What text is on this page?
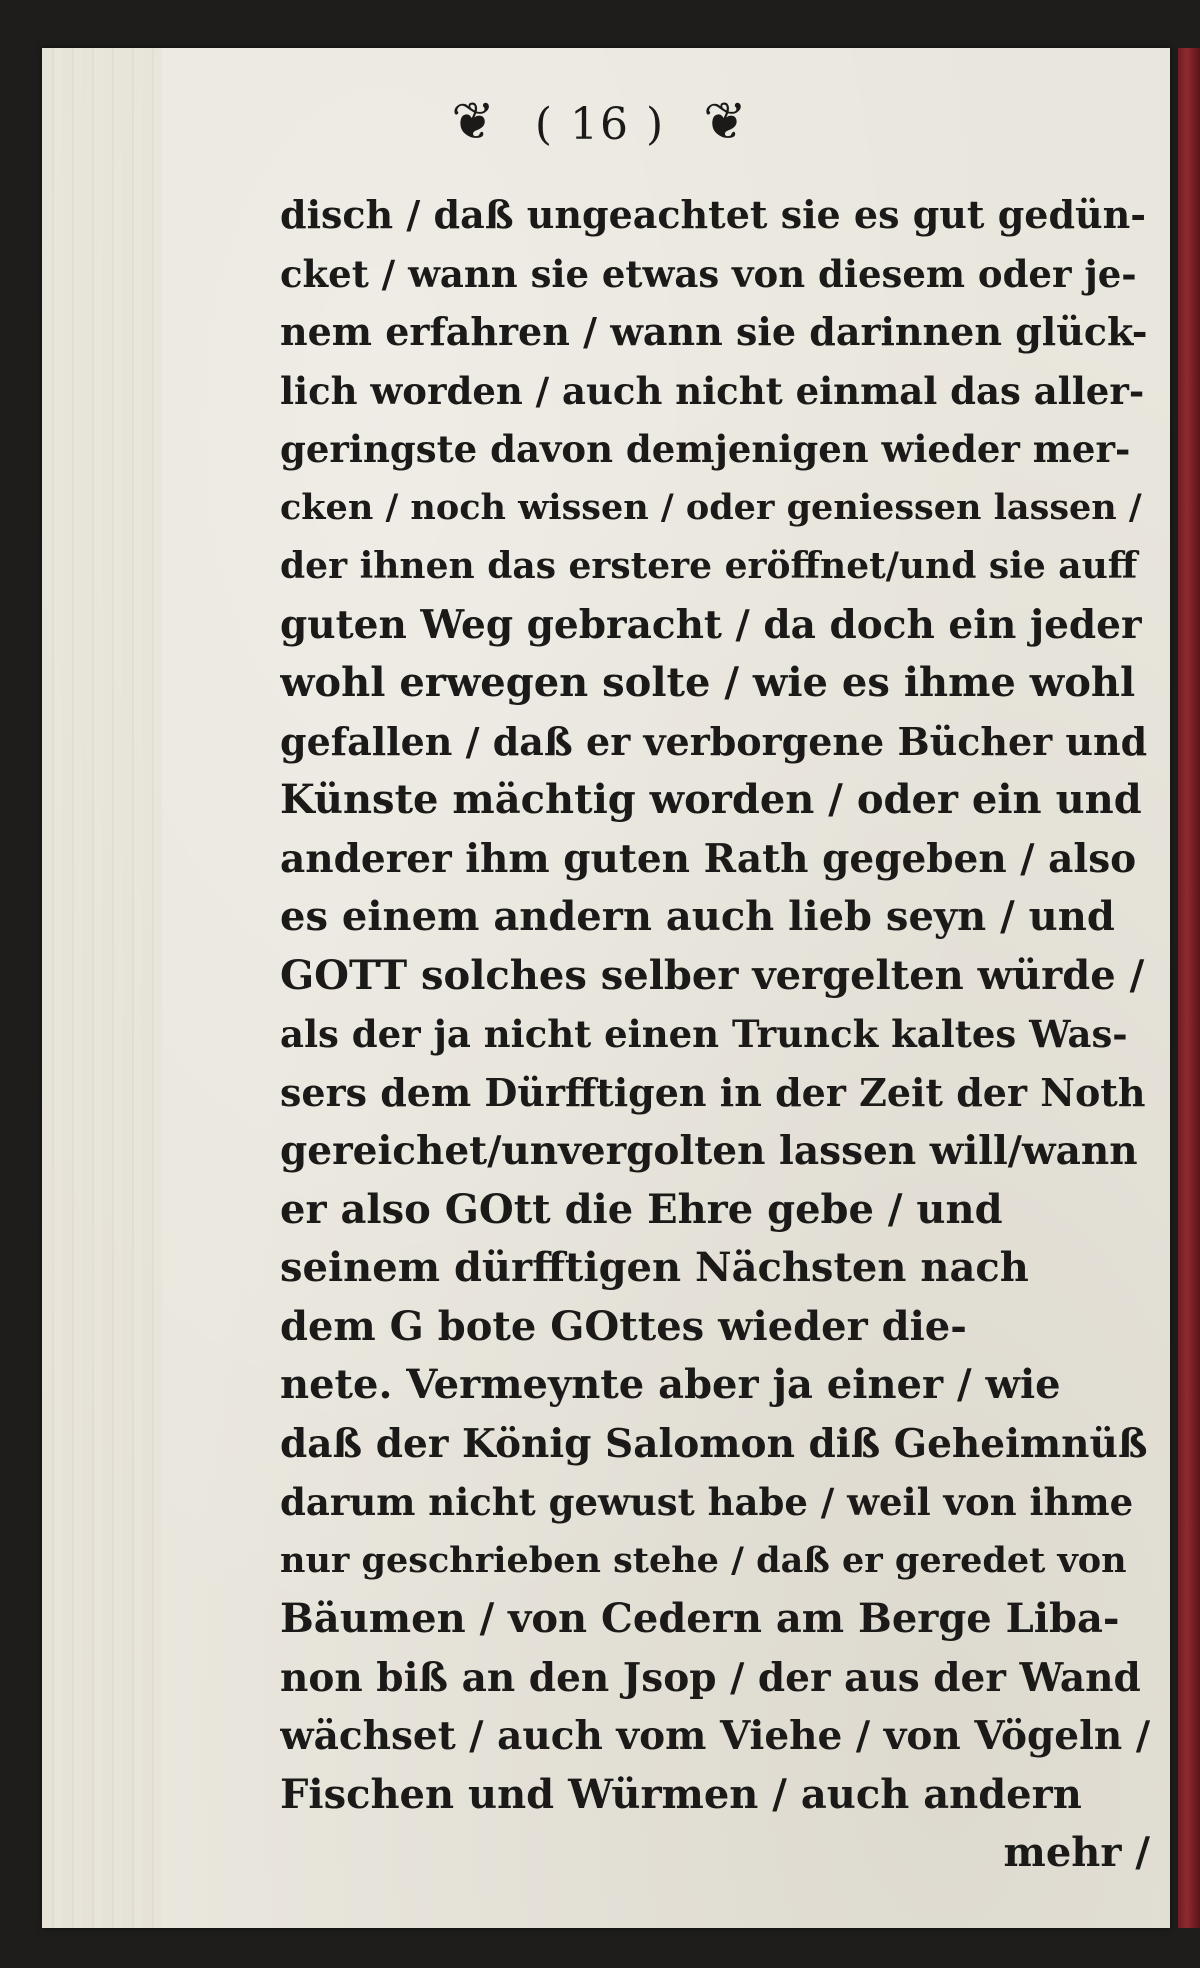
❦ ( 16 ) ❦
disch / daß ungeachtet sie es gut gedün-
cket / wann sie etwas von diesem oder je-
nem erfahren / wann sie darinnen glück-
lich worden / auch nicht einmal das aller-
geringste davon demjenigen wieder mer-
cken / noch wissen / oder geniessen lassen /
der ihnen das erstere eröffnet/und sie auff
guten Weg gebracht / da doch ein jeder
wohl erwegen solte / wie es ihme wohl
gefallen / daß er verborgene Bücher und
Künste mächtig worden / oder ein und
anderer ihm guten Rath gegeben / also
es einem andern auch lieb seyn / und
GOTT solches selber vergelten würde /
als der ja nicht einen Trunck kaltes Was-
sers dem Dürfftigen in der Zeit der Noth
gereichet/unvergolten lassen will/wann
er also GOtt die Ehre gebe / und
seinem dürfftigen Nächsten nach
dem G bote GOttes wieder die-
nete. Vermeynte aber ja einer / wie
daß der König Salomon diß Geheimnüß
darum nicht gewust habe / weil von ihme
nur geschrieben stehe / daß er geredet von
Bäumen / von Cedern am Berge Liba-
non biß an den Jsop / der aus der Wand
wächset / auch vom Viehe / von Vögeln /
Fischen und Würmen / auch andern
mehr /
